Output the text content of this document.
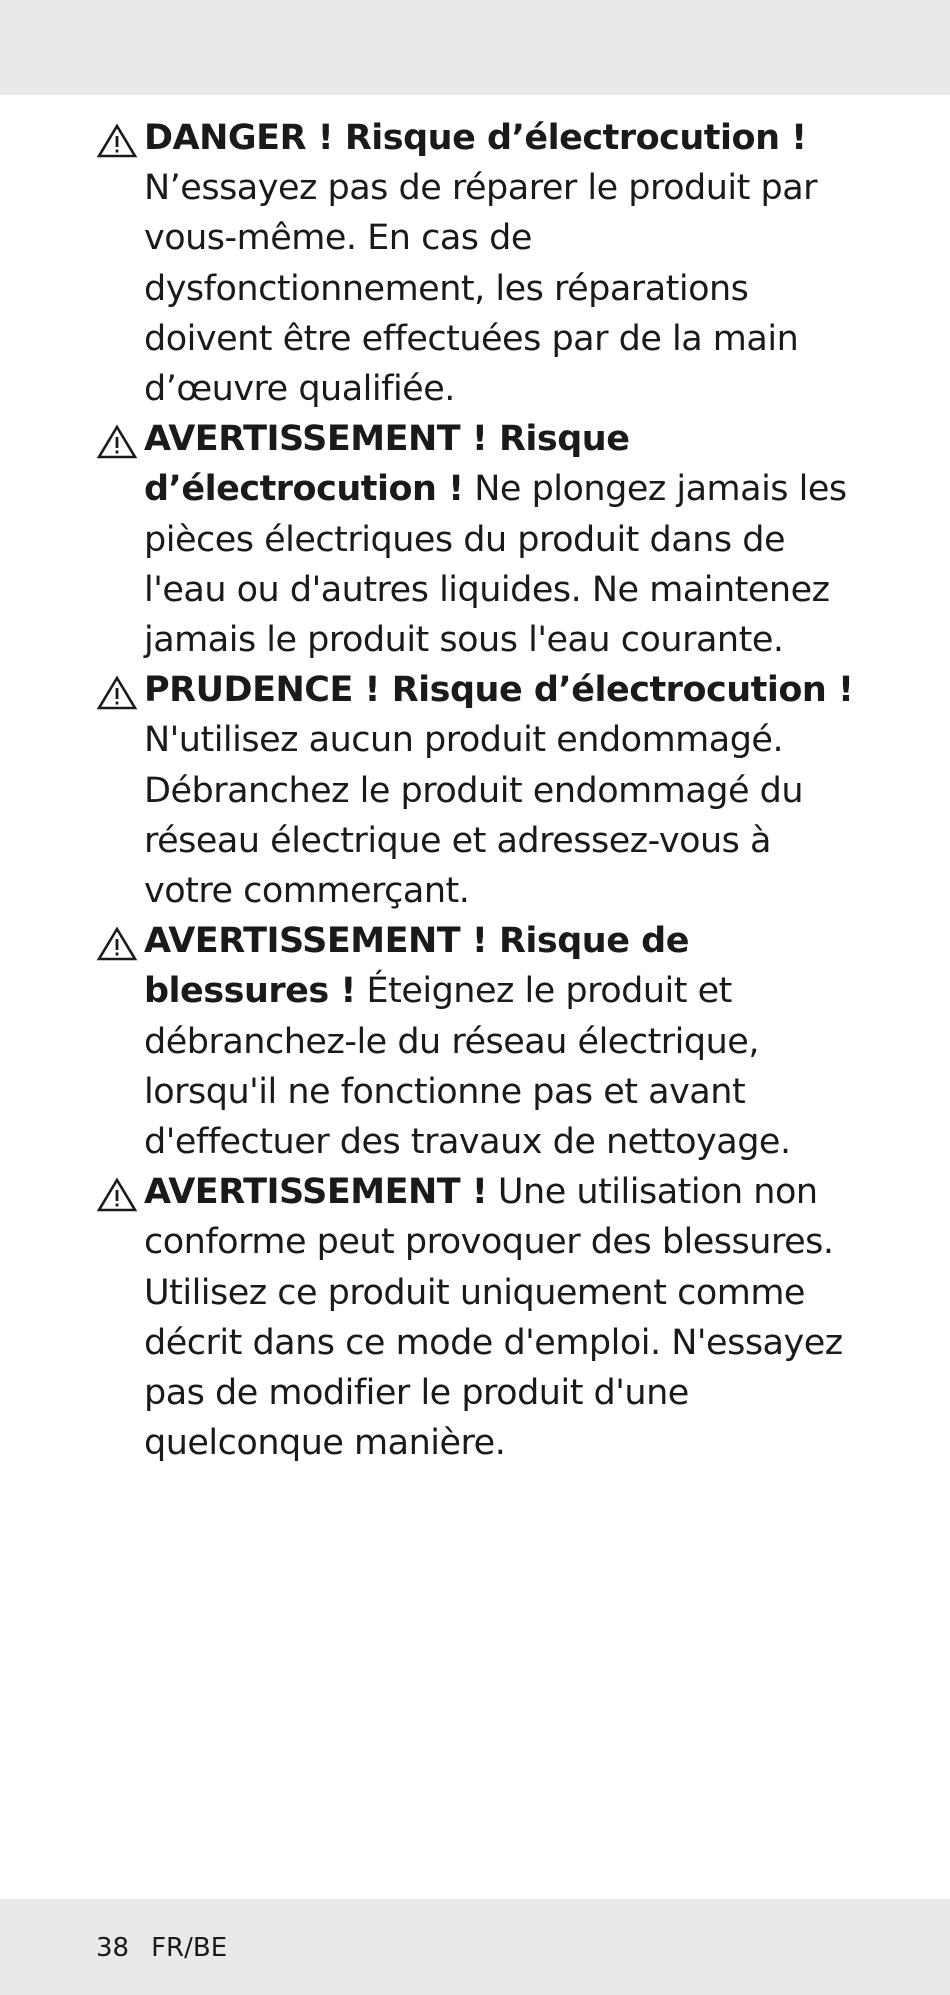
DANGER ! Risque d’électrocution ! N’essayez pas de réparer le produit par vous-même. En cas de dysfonctionnement, les réparations doivent être effectuées par de la main d’œuvre qualifiée.

AVERTISSEMENT ! Risque d’électrocution ! Ne plongez jamais les pièces électriques du produit dans de l'eau ou d'autres liquides. Ne maintenez jamais le produit sous l'eau courante.

PRUDENCE ! Risque d’électrocution ! N'utilisez aucun produit endommagé. Débranchez le produit endommagé du réseau électrique et adressez-vous à votre commerçant.

AVERTISSEMENT ! Risque de blessures ! Éteignez le produit et débranchez-le du réseau électrique, lorsqu'il ne fonctionne pas et avant d'effectuer des travaux de nettoyage.

AVERTISSEMENT ! Une utilisation non conforme peut provoquer des blessures. Utilisez ce produit uniquement comme décrit dans ce mode d'emploi. N'essayez pas de modifier le produit d'une quelconque manière.

38 FR/BE
